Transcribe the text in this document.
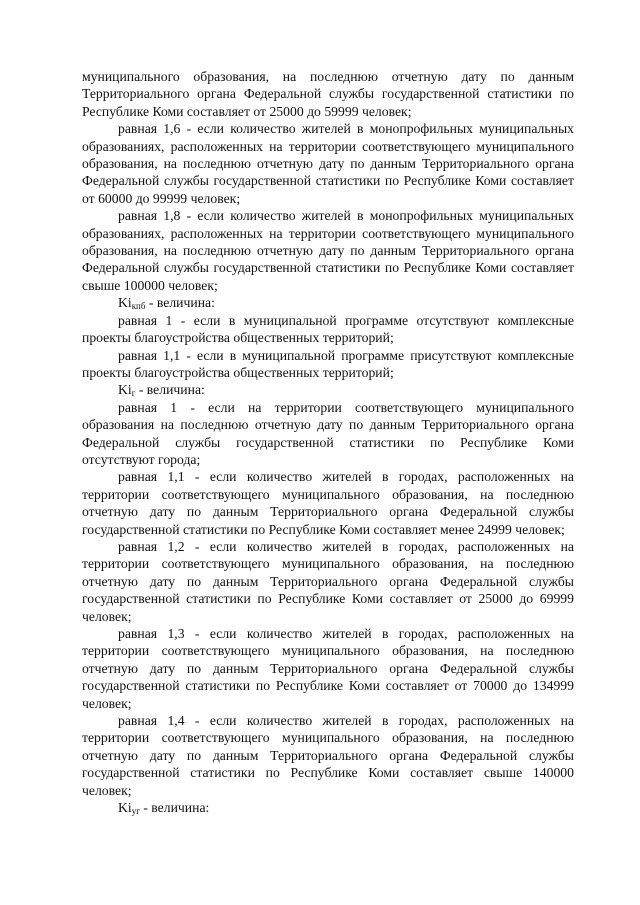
муниципального образования, на последнюю отчетную дату по данным Территориального органа Федеральной службы государственной статистики по Республике Коми составляет от 25000 до 59999 человек;

равная 1,6 - если количество жителей в монопрофильных муниципальных образованиях, расположенных на территории соответствующего муниципального образования, на последнюю отчетную дату по данным Территориального органа Федеральной службы государственной статистики по Республике Коми составляет от 60000 до 99999 человек;

равная 1,8 - если количество жителей в монопрофильных муниципальных образованиях, расположенных на территории соответствующего муниципального образования, на последнюю отчетную дату по данным Территориального органа Федеральной службы государственной статистики по Республике Коми составляет свыше 100000 человек;

$Ki_{кпб}$ - величина:

равная 1 - если в муниципальной программе отсутствуют комплексные проекты благоустройства общественных территорий;

равная 1,1 - если в муниципальной программе присутствуют комплексные проекты благоустройства общественных территорий;

$Ki_г$ - величина:

равная 1 - если на территории соответствующего муниципального образования на последнюю отчетную дату по данным Территориального органа Федеральной службы государственной статистики по Республике Коми отсутствуют города;

равная 1,1 - если количество жителей в городах, расположенных на территории соответствующего муниципального образования, на последнюю отчетную дату по данным Территориального органа Федеральной службы государственной статистики по Республике Коми составляет менее 24999 человек;

равная 1,2 - если количество жителей в городах, расположенных на территории соответствующего муниципального образования, на последнюю отчетную дату по данным Территориального органа Федеральной службы государственной статистики по Республике Коми составляет от 25000 до 69999 человек;

равная 1,3 - если количество жителей в городах, расположенных на территории соответствующего муниципального образования, на последнюю отчетную дату по данным Территориального органа Федеральной службы государственной статистики по Республике Коми составляет от 70000 до 134999 человек;

равная 1,4 - если количество жителей в городах, расположенных на территории соответствующего муниципального образования, на последнюю отчетную дату по данным Территориального органа Федеральной службы государственной статистики по Республике Коми составляет свыше 140000 человек;

$Ki_{уг}$ - величина:
